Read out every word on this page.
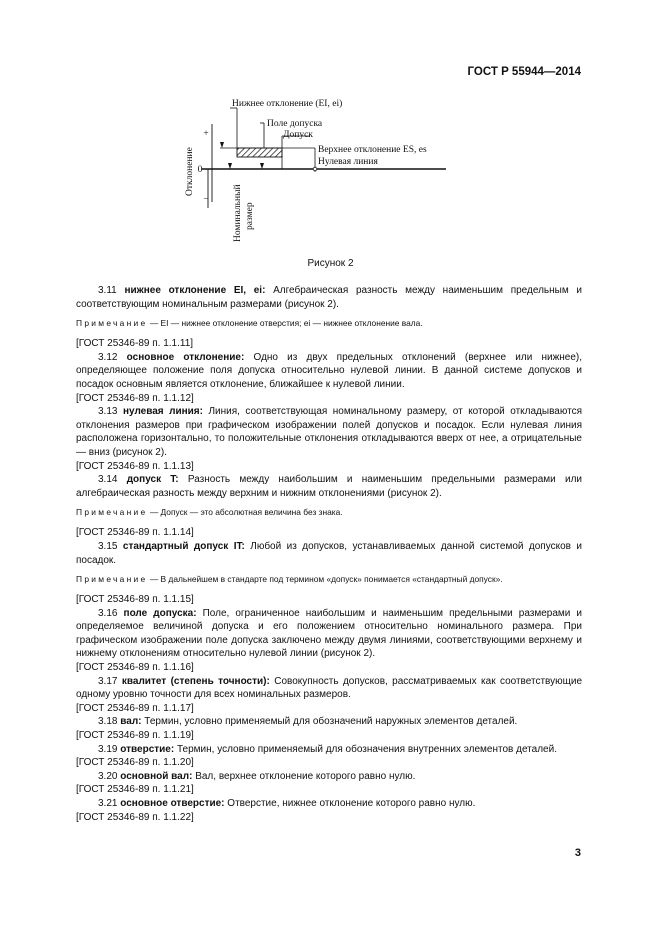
ГОСТ Р 55944—2014
+
0
−
Нижнее отклонение (EI, ei)
Поле допуска
Допуск
Верхнее отклонение ES, es
Нулевая линия
Отклонение
Номинальный размер
Рисунок 2

3.11 нижнее отклонение EI, ei: Алгебраическая разность между наименьшим предельным и соответствующим номинальным размерами (рисунок 2).

Примечание — EI — нижнее отклонение отверстия; ei — нижнее отклонение вала.

[ГОСТ 25346-89 п. 1.1.11]

3.12 основное отклонение: Одно из двух предельных отклонений (верхнее или нижнее), определяющее положение поля допуска относительно нулевой линии. В данной системе допусков и посадок основным является отклонение, ближайшее к нулевой линии.

[ГОСТ 25346-89 п. 1.1.12]

3.13 нулевая линия: Линия, соответствующая номинальному размеру, от которой откладываются отклонения размеров при графическом изображении полей допусков и посадок. Если нулевая линия расположена горизонтально, то положительные отклонения откладываются вверх от нее, а отрицательные — вниз (рисунок 2).

[ГОСТ 25346-89 п. 1.1.13]

3.14 допуск T: Разность между наибольшим и наименьшим предельными размерами или алгебраическая разность между верхним и нижним отклонениями (рисунок 2).

Примечание — Допуск — это абсолютная величина без знака.

[ГОСТ 25346-89 п. 1.1.14]

3.15 стандартный допуск IT: Любой из допусков, устанавливаемых данной системой допусков и посадок.

Примечание — В дальнейшем в стандарте под термином «допуск» понимается «стандартный допуск».

[ГОСТ 25346-89 п. 1.1.15]

3.16 поле допуска: Поле, ограниченное наибольшим и наименьшим предельными размерами и определяемое величиной допуска и его положением относительно номинального размера. При графическом изображении поле допуска заключено между двумя линиями, соответствующими верхнему и нижнему отклонениям относительно нулевой линии (рисунок 2).

[ГОСТ 25346-89 п. 1.1.16]

3.17 квалитет (степень точности): Совокупность допусков, рассматриваемых как соответствующие одному уровню точности для всех номинальных размеров.

[ГОСТ 25346-89 п. 1.1.17]

3.18 вал: Термин, условно применяемый для обозначений наружных элементов деталей.

[ГОСТ 25346-89 п. 1.1.19]

3.19 отверстие: Термин, условно применяемый для обозначения внутренних элементов деталей.

[ГОСТ 25346-89 п. 1.1.20]

3.20 основной вал: Вал, верхнее отклонение которого равно нулю.

[ГОСТ 25346-89 п. 1.1.21]

3.21 основное отверстие: Отверстие, нижнее отклонение которого равно нулю.

[ГОСТ 25346-89 п. 1.1.22]

3
